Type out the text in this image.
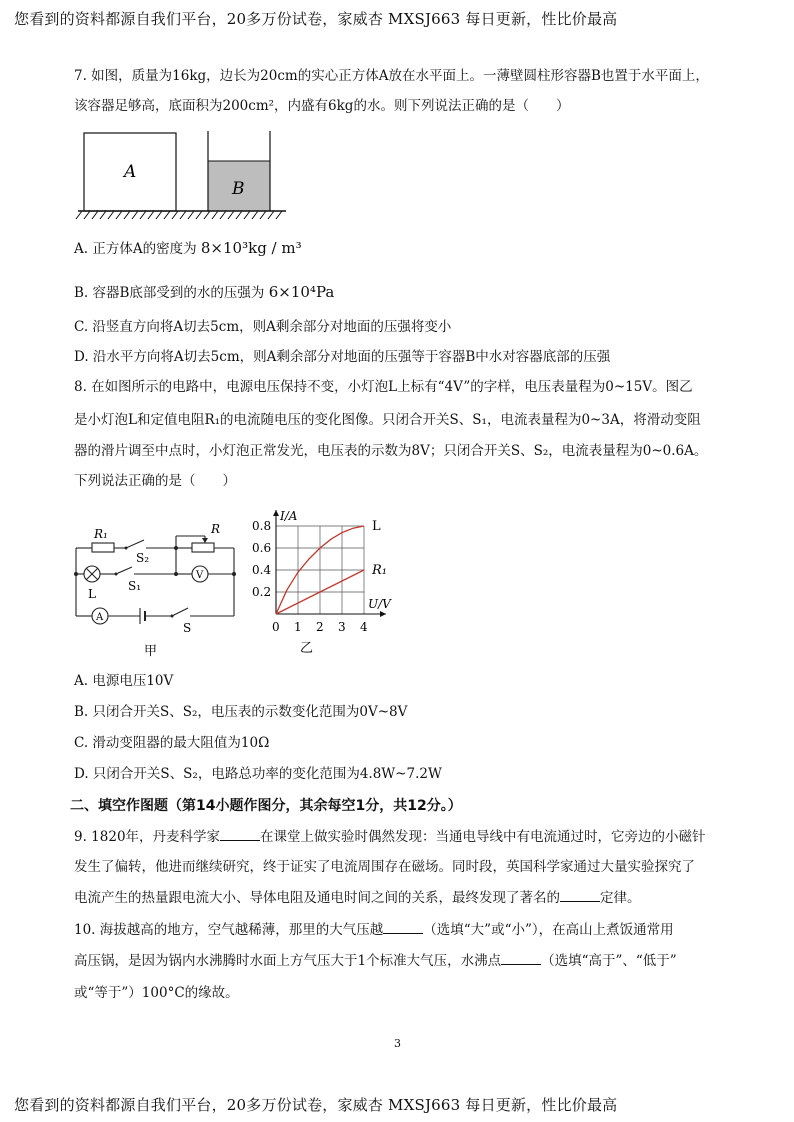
您看到的资料都源自我们平台，20多万份试卷，家威杏 MXSJ663 每日更新，性比价最高
7. 如图，质量为16kg，边长为20cm的实心正方体A放在水平面上。一薄壁圆柱形容器B也置于水平面上，
该容器足够高，底面积为200cm²，内盛有6kg的水。则下列说法正确的是（　　）
A
B
A. 正方体A的密度为 8×10³kg / m³
B. 容器B底部受到的水的压强为 6×10⁴Pa
C. 沿竖直方向将A切去5cm，则A剩余部分对地面的压强将变小
D. 沿水平方向将A切去5cm，则A剩余部分对地面的压强等于容器B中水对容器底部的压强
8. 在如图所示的电路中，电源电压保持不变，小灯泡L上标有“4V”的字样，电压表量程为0~15V。图乙
是小灯泡L和定值电阻R₁的电流随电压的变化图像。只闭合开关S、S₁，电流表量程为0~3A，将滑动变阻
器的滑片调至中点时，小灯泡正常发光，电压表的示数为8V；只闭合开关S、S₂，电流表量程为0~0.6A。
下列说法正确的是（　　）
R₁	R
S₂
S₁
S
L
V
A
甲
0 1 2 3 4
0.2
0.4
0.6
0.8
I/A
U/V
L
R₁
乙
A. 电源电压10V
B. 只闭合开关S、S₂，电压表的示数变化范围为0V~8V
C. 滑动变阻器的最大阻值为10Ω
D. 只闭合开关S、S₂，电路总功率的变化范围为4.8W~7.2W
二、填空作图题（第14小题作图分，其余每空1分，共12分。）
9. 1820年，丹麦科学家	在课堂上做实验时偶然发现：当通电导线中有电流通过时，它旁边的小磁针
发生了偏转，他进而继续研究，终于证实了电流周围存在磁场。同时段，英国科学家通过大量实验探究了
电流产生的热量跟电流大小、导体电阻及通电时间之间的关系，最终发现了著名的	定律。
10. 海拔越高的地方，空气越稀薄，那里的大气压越	（选填“大”或“小”），在高山上煮饭通常用
高压锅，是因为锅内水沸腾时水面上方气压大于1个标准大气压，水沸点	（选填“高于”、“低于”
或“等于”）100°C的缘故。
3
您看到的资料都源自我们平台，20多万份试卷，家威杏 MXSJ663 每日更新，性比价最高
